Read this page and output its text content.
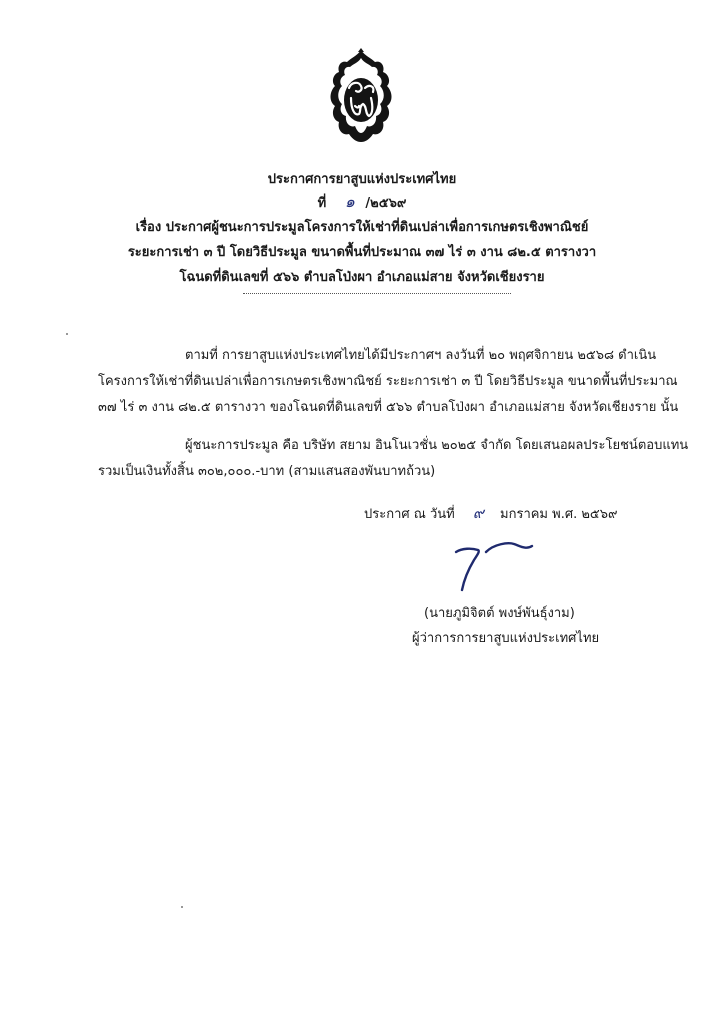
ประกาศการยาสูบแห่งประเทศไทย
ที่ ๑ /๒๕๖๙
เรื่อง ประกาศผู้ชนะการประมูลโครงการให้เช่าที่ดินเปล่าเพื่อการเกษตรเชิงพาณิชย์
ระยะการเช่า ๓ ปี โดยวิธีประมูล ขนาดพื้นที่ประมาณ ๓๗ ไร่ ๓ งาน ๘๒.๕ ตารางวา
โฉนดที่ดินเลขที่ ๕๖๖ ตำบลโป่งผา อำเภอแม่สาย จังหวัดเชียงราย
ตามที่ การยาสูบแห่งประเทศไทยได้มีประกาศฯ ลงวันที่ ๒๐ พฤศจิกายน ๒๕๖๘ ดำเนิน
โครงการให้เช่าที่ดินเปล่าเพื่อการเกษตรเชิงพาณิชย์ ระยะการเช่า ๓ ปี โดยวิธีประมูล ขนาดพื้นที่ประมาณ
๓๗ ไร่ ๓ งาน ๘๒.๕ ตารางวา ของโฉนดที่ดินเลขที่ ๕๖๖ ตำบลโป่งผา อำเภอแม่สาย จังหวัดเชียงราย นั้น
ผู้ชนะการประมูล คือ บริษัท สยาม อินโนเวชั่น ๒๐๒๕ จำกัด โดยเสนอผลประโยชน์ตอบแทน
รวมเป็นเงินทั้งสิ้น ๓๐๒,๐๐๐.-บาท (สามแสนสองพันบาทถ้วน)
ประกาศ ณ วันที่ ๙ มกราคม พ.ศ. ๒๕๖๙
(นายภูมิจิตต์ พงษ์พันธุ์งาม)
ผู้ว่าการการยาสูบแห่งประเทศไทย
